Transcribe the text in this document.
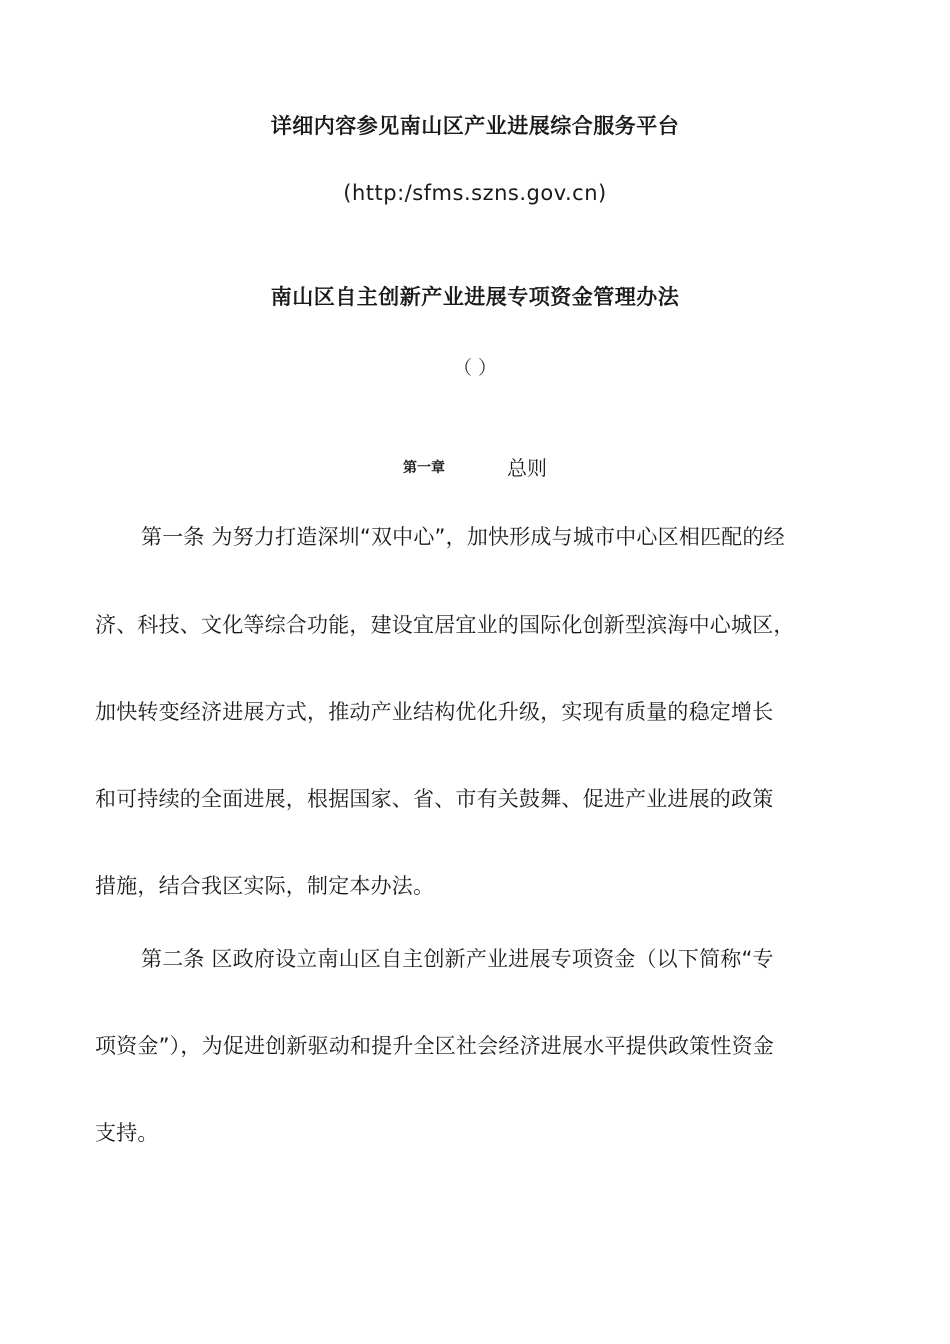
详细内容参见南山区产业进展综合服务平台
(http:/sfms.szns.gov.cn)
南山区自主创新产业进展专项资金管理办法
（ ）
第一章	总则
第一条 为努力打造深圳“双中心”，加快形成与城市中心区相匹配的经
济、科技、文化等综合功能，建设宜居宜业的国际化创新型滨海中心城区，
加快转变经济进展方式，推动产业结构优化升级，实现有质量的稳定增长
和可持续的全面进展，根据国家、省、市有关鼓舞、促进产业进展的政策
措施，结合我区实际，制定本办法。
第二条 区政府设立南山区自主创新产业进展专项资金（以下简称“专
项资金”），为促进创新驱动和提升全区社会经济进展水平提供政策性资金
支持。
